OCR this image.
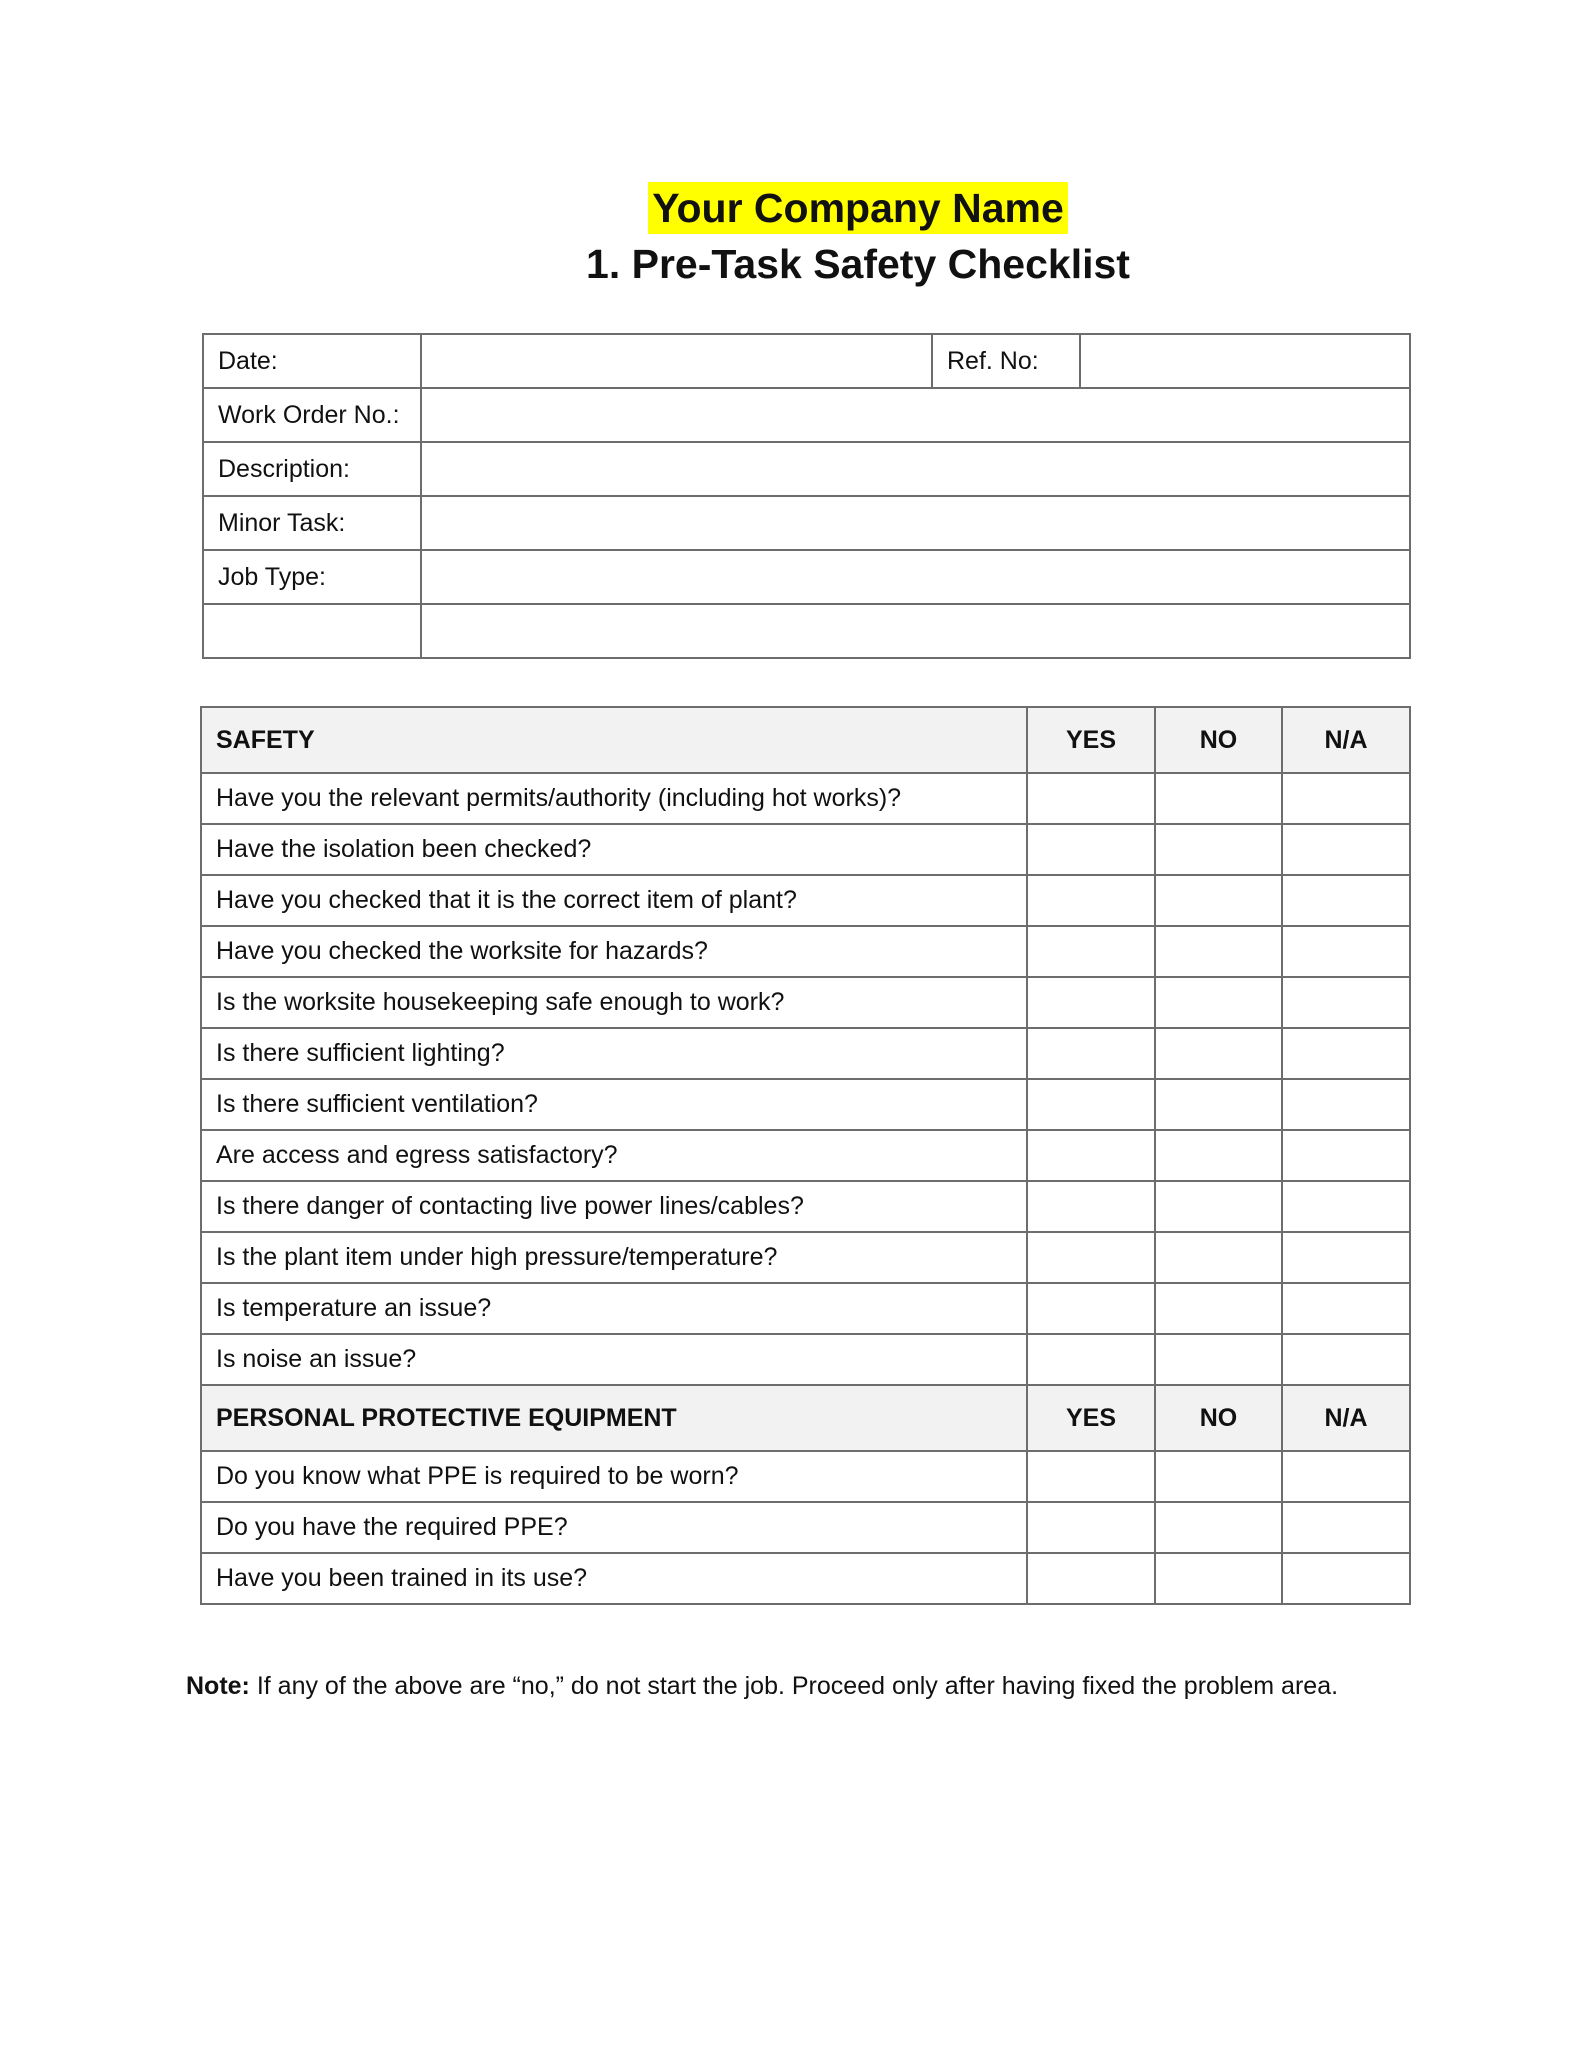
Your Company Name
1. Pre-Task Safety Checklist
Date:		Ref. No:	
Work Order No.:			
Description:			
Minor Task:			
Job Type:			

SAFETY	YES	NO	N/A
Have you the relevant permits/authority (including hot works)?			
Have the isolation been checked?			
Have you checked that it is the correct item of plant?			
Have you checked the worksite for hazards?			
Is the worksite housekeeping safe enough to work?			
Is there sufficient lighting?			
Is there sufficient ventilation?			
Are access and egress satisfactory?			
Is there danger of contacting live power lines/cables?			
Is the plant item under high pressure/temperature?			
Is temperature an issue?			
Is noise an issue?			
PERSONAL PROTECTIVE EQUIPMENT	YES	NO	N/A
Do you know what PPE is required to be worn?			
Do you have the required PPE?			
Have you been trained in its use?			
Note: If any of the above are “no,” do not start the job. Proceed only after having fixed the problem area.
